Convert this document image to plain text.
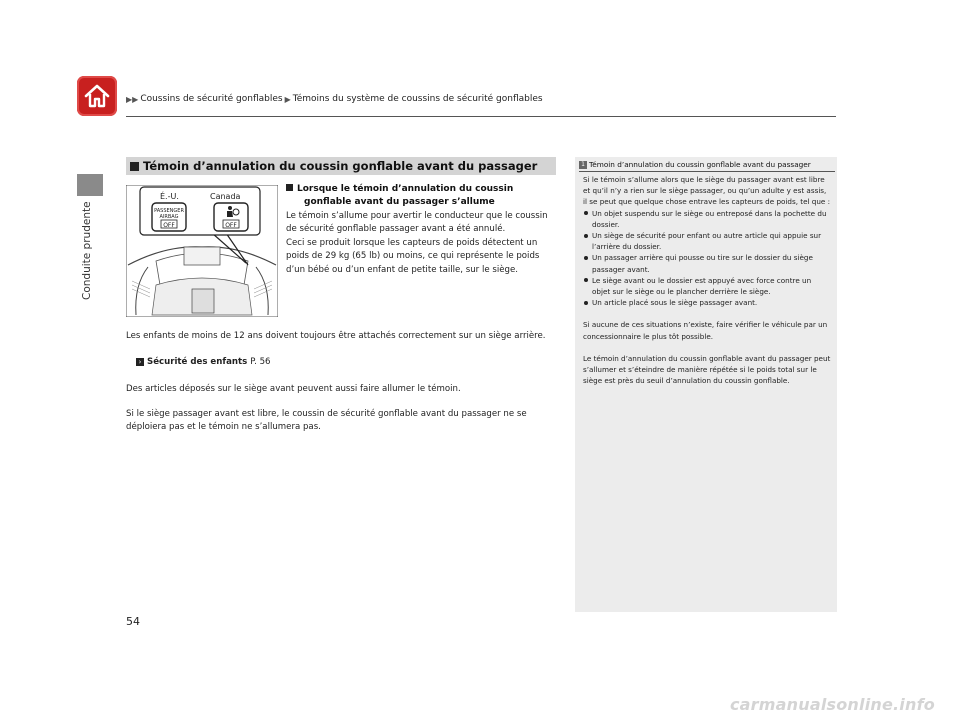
Conduite prudente
▶▶ Coussins de sécurité gonflables ▶ Témoins du système de coussins de sécurité gonflables
Témoin d’annulation du coussin gonflable avant du passager
É.-U.	Canada
PASSENGER
AIRBAG
OFF	OFF
Lorsque le témoin d’annulation du coussin
gonflable avant du passager s’allume
Le témoin s’allume pour avertir le conducteur que le coussin de sécurité gonflable passager avant a été annulé.
Ceci se produit lorsque les capteurs de poids détectent un poids de 29 kg (65 lb) ou moins, ce qui représente le poids d’un bébé ou d’un enfant de petite taille, sur le siège.
Les enfants de moins de 12 ans doivent toujours être attachés correctement sur un siège arrière.
› Sécurité des enfants P. 56
Des articles déposés sur le siège avant peuvent aussi faire allumer le témoin.
Si le siège passager avant est libre, le coussin de sécurité gonflable avant du passager ne se déploiera pas et le témoin ne s’allumera pas.
1 Témoin d’annulation du coussin gonflable avant du passager

Si le témoin s’allume alors que le siège du passager avant est libre et qu’il n’y a rien sur le siège passager, ou qu’un adulte y est assis, il se peut que quelque chose entrave les capteurs de poids, tel que :

Un objet suspendu sur le siège ou entreposé dans la pochette du dossier.
Un siège de sécurité pour enfant ou autre article qui appuie sur l’arrière du dossier.
Un passager arrière qui pousse ou tire sur le dossier du siège passager avant.
Le siège avant ou le dossier est appuyé avec force contre un objet sur le siège ou le plancher derrière le siège.
Un article placé sous le siège passager avant.

Si aucune de ces situations n’existe, faire vérifier le véhicule par un concessionnaire le plus tôt possible.

Le témoin d’annulation du coussin gonflable avant du passager peut s’allumer et s’éteindre de manière répétée si le poids total sur le siège est près du seuil d’annulation du coussin gonflable.

54
carmanualsonline.info
